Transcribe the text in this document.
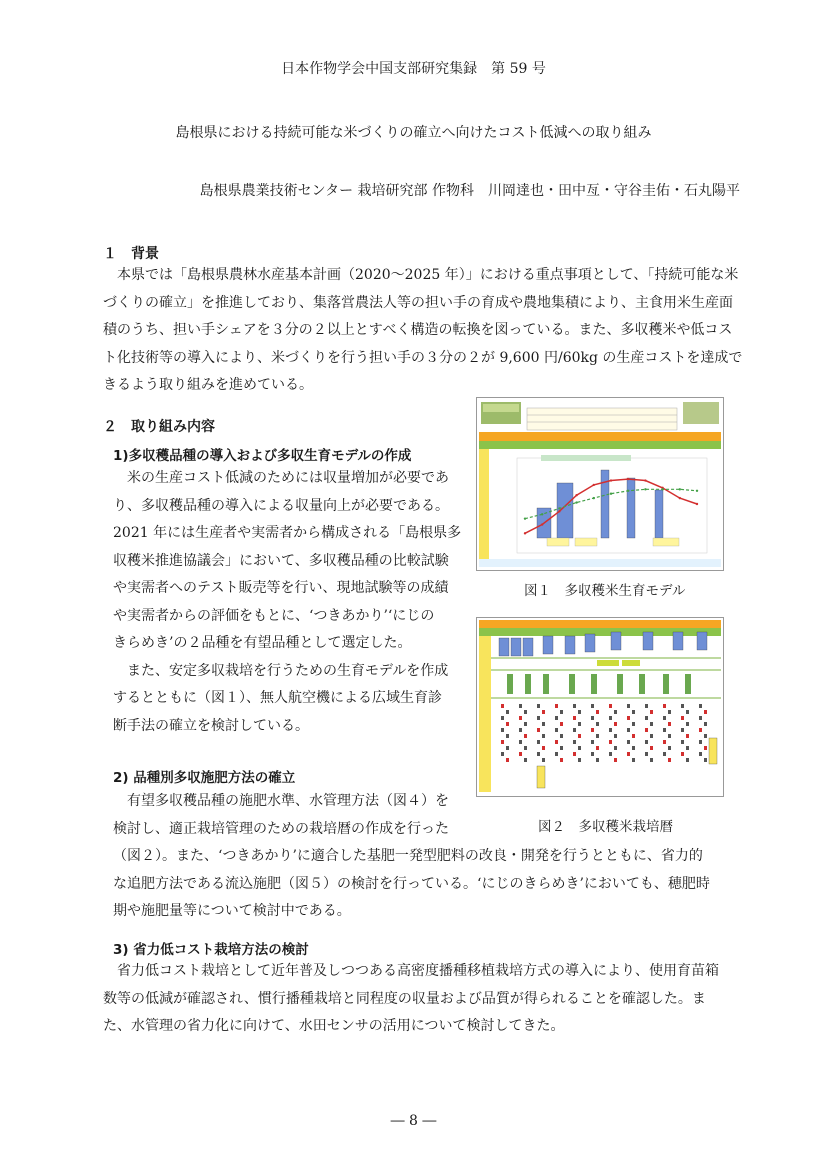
日本作物学会中国支部研究集録　第 59 号
島根県における持続可能な米づくりの確立へ向けたコスト低減への取り組み
島根県農業技術センター 栽培研究部 作物科　川岡達也・田中亙・守谷圭佑・石丸陽平
１　背景
　本県では「島根県農林水産基本計画（2020～2025 年）」における重点事項として、「持続可能な米
づくりの確立」を推進しており、集落営農法人等の担い手の育成や農地集積により、主食用米生産面
積のうち、担い手シェアを３分の２以上とすべく構造の転換を図っている。また、多収穫米や低コス
ト化技術等の導入により、米づくりを行う担い手の３分の２が 9,600 円/60kg の生産コストを達成で
きるよう取り組みを進めている。
２　取り組み内容
1)多収穫品種の導入および多収生育モデルの作成
　米の生産コスト低減のためには収量増加が必要であ
り、多収穫品種の導入による収量向上が必要である。
2021 年には生産者や実需者から構成される「島根県多
収穫米推進協議会」において、多収穫品種の比較試験
や実需者へのテスト販売等を行い、現地試験等の成績
や実需者からの評価をもとに、‘つきあかり’‘にじの
きらめき’の２品種を有望品種として選定した。
　また、安定多収栽培を行うための生育モデルを作成
するとともに（図１）、無人航空機による広域生育診
断手法の確立を検討している。
2) 品種別多収施肥方法の確立
　有望多収穫品種の施肥水準、水管理方法（図４）を
検討し、適正栽培管理のための栽培暦の作成を行った
（図２）。また、‘つきあかり’に適合した基肥一発型肥料の改良・開発を行うとともに、省力的
な追肥方法である流込施肥（図５）の検討を行っている。‘にじのきらめき’においても、穂肥時
期や施肥量等について検討中である。
3) 省力低コスト栽培方法の検討
　省力低コスト栽培として近年普及しつつある高密度播種移植栽培方式の導入により、使用育苗箱
数等の低減が確認され、慣行播種栽培と同程度の収量および品質が得られることを確認した。ま
た、水管理の省力化に向けて、水田センサの活用について検討してきた。
図１　多収穫米生育モデル
図２　多収穫米栽培暦
― 8 ―
